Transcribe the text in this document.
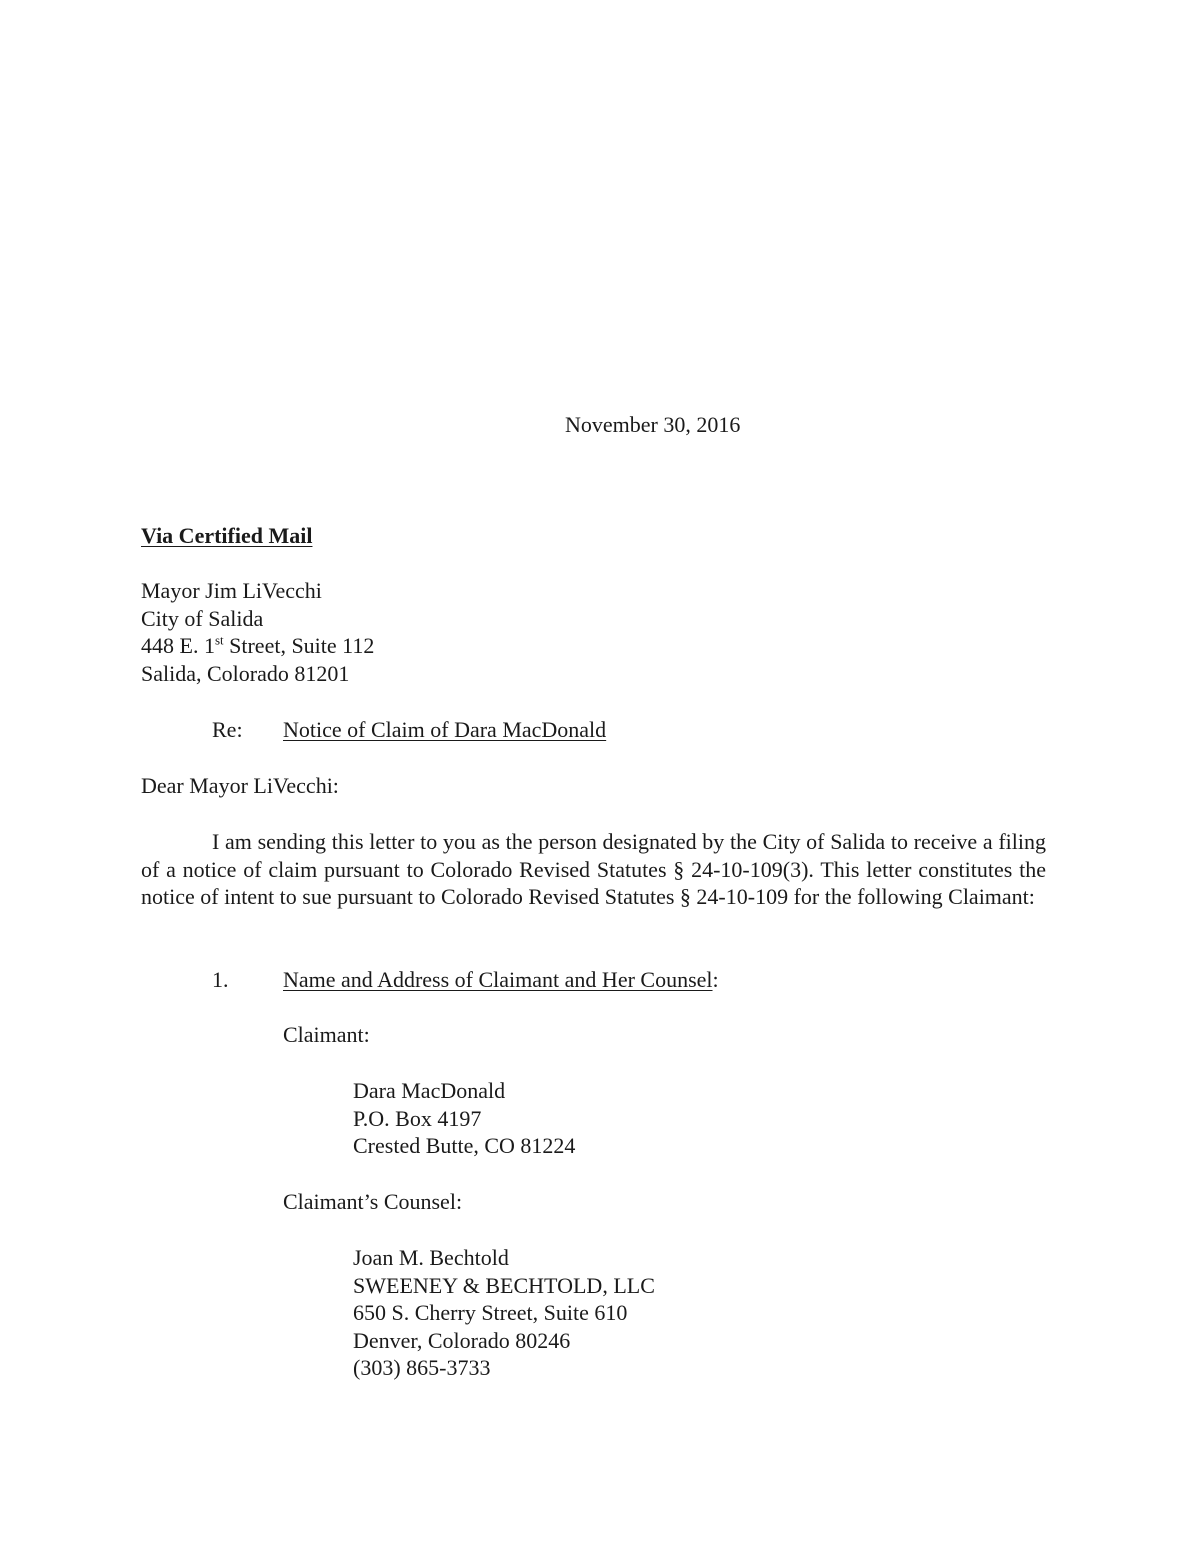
November 30, 2016
Via Certified Mail
Mayor Jim LiVecchi
City of Salida
448 E. 1st Street, Suite 112
Salida, Colorado 81201
Re: Notice of Claim of Dara MacDonald
Dear Mayor LiVecchi:
I am sending this letter to you as the person designated by the City of Salida to receive a filing of a notice of claim pursuant to Colorado Revised Statutes § 24-10-109(3). This letter constitutes the notice of intent to sue pursuant to Colorado Revised Statutes § 24-10-109 for the following Claimant:
1. Name and Address of Claimant and Her Counsel:
Claimant:
Dara MacDonald
P.O. Box 4197
Crested Butte, CO 81224
Claimant’s Counsel:
Joan M. Bechtold
SWEENEY & BECHTOLD, LLC
650 S. Cherry Street, Suite 610
Denver, Colorado 80246
(303) 865-3733
